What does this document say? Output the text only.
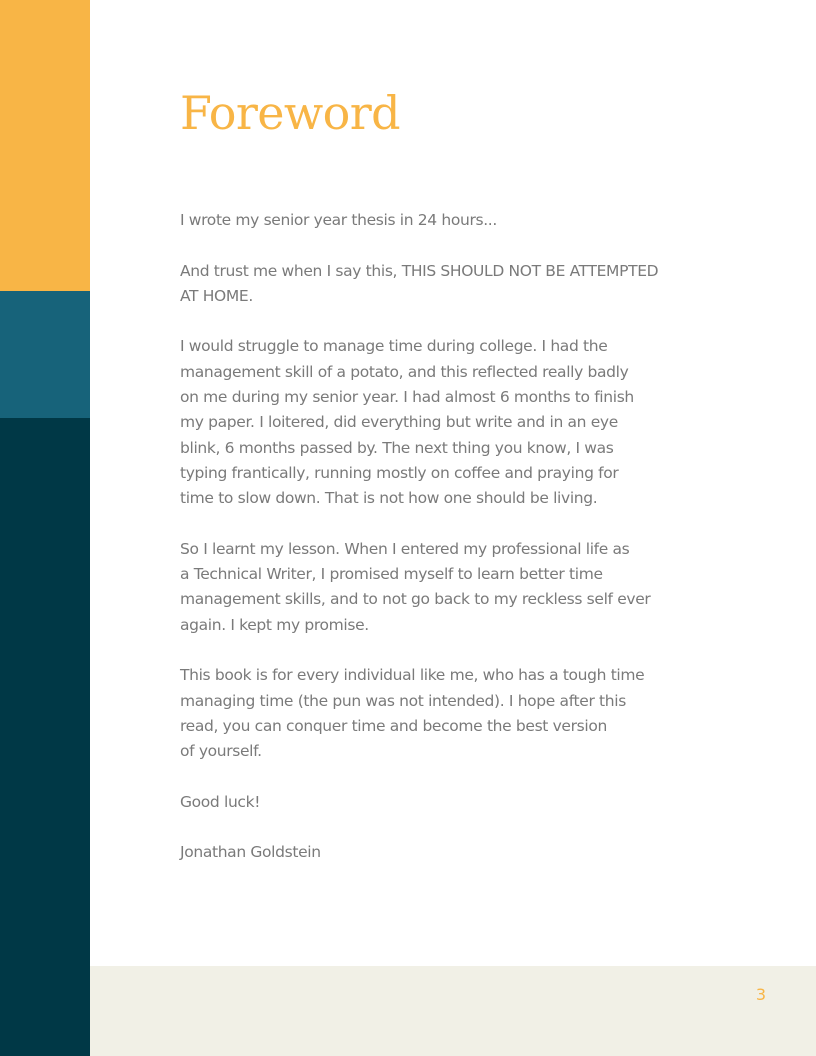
Foreword

I wrote my senior year thesis in 24 hours...

And trust me when I say this, THIS SHOULD NOT BE ATTEMPTED
AT HOME.

I would struggle to manage time during college. I had the
management skill of a potato, and this reflected really badly
on me during my senior year. I had almost 6 months to finish
my paper. I loitered, did everything but write and in an eye
blink, 6 months passed by. The next thing you know, I was
typing frantically, running mostly on coffee and praying for
time to slow down. That is not how one should be living.

So I learnt my lesson. When I entered my professional life as
a Technical Writer, I promised myself to learn better time
management skills, and to not go back to my reckless self ever
again. I kept my promise.

This book is for every individual like me, who has a tough time
managing time (the pun was not intended). I hope after this
read, you can conquer time and become the best version
of yourself.

Good luck!

Jonathan Goldstein

3
